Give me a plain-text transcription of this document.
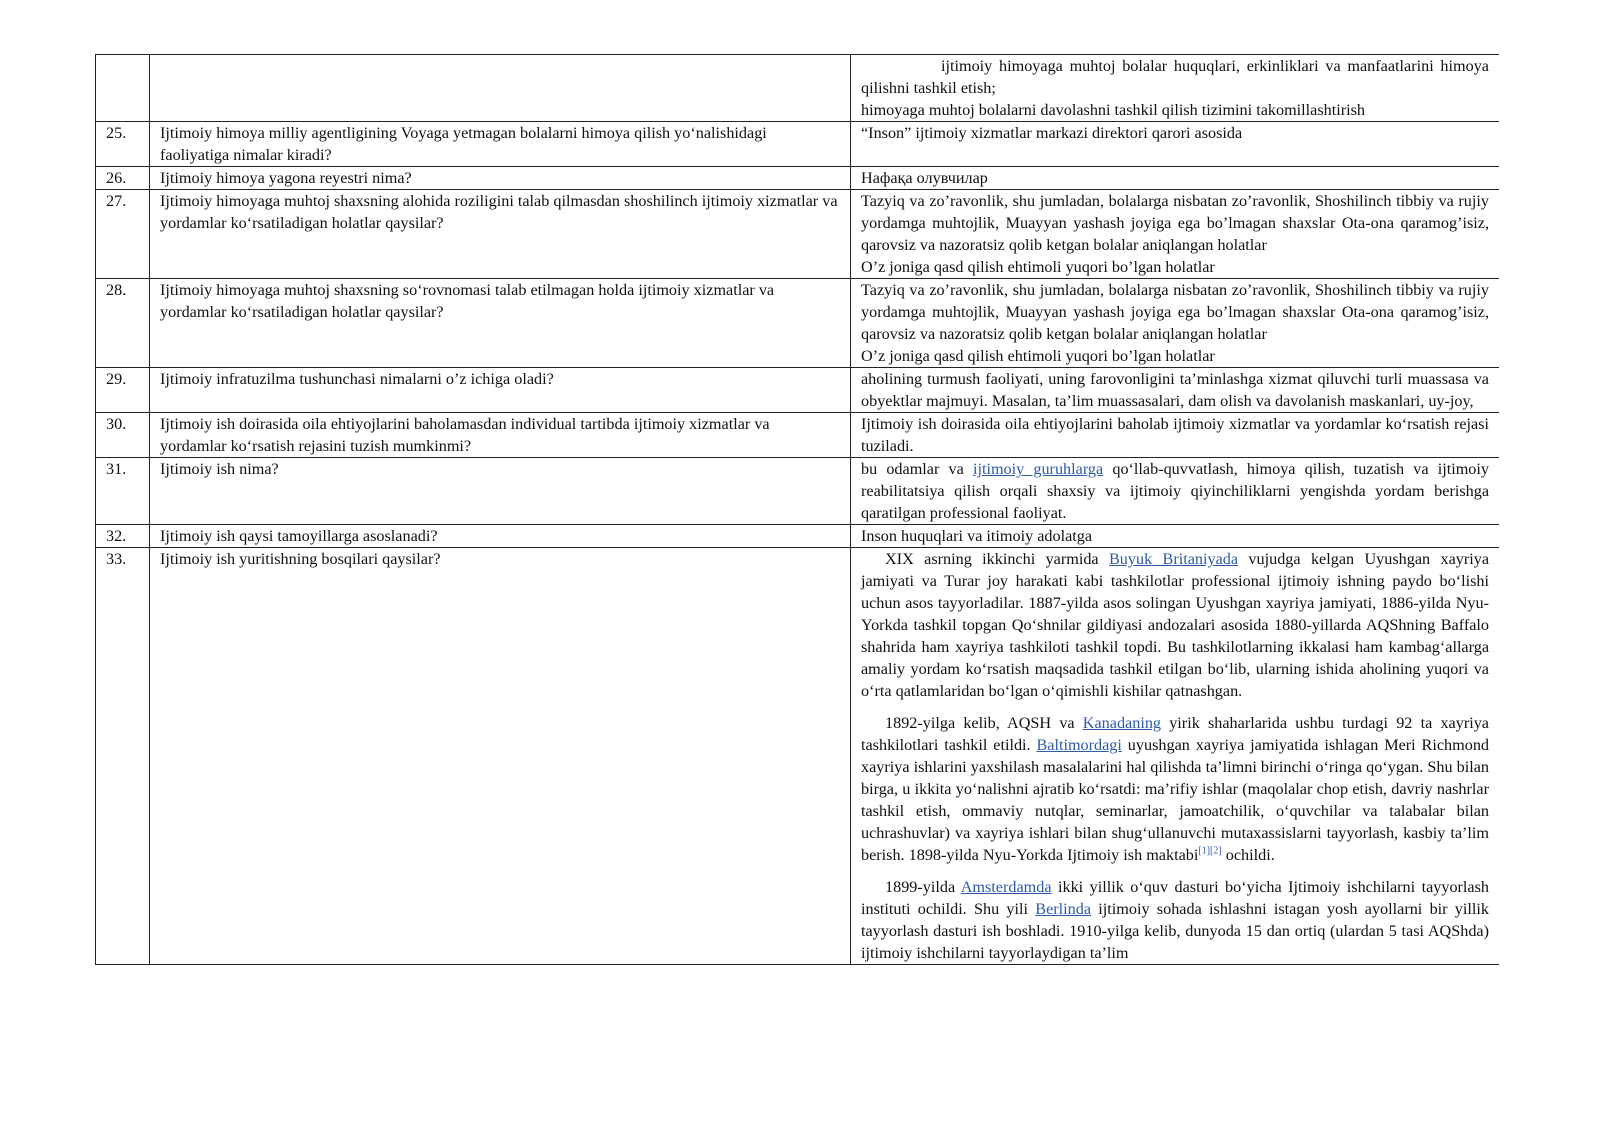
		ijtimoiy himoyaga muhtoj bolalar huquqlari, erkinliklari va manfaatlarini himoya qilishni tashkil etish;
himoyaga muhtoj bolalarni davolashni tashkil qilish tizimini takomillashtirish

25.	Ijtimoiy himoya milliy agentligining Voyaga yetmagan bolalarni himoya qilish yo‘nalishidagi faoliyatiga nimalar kiradi?	“Inson” ijtimoiy xizmatlar markazi direktori qarori asosida
26.	Ijtimoiy himoya yagona reyestri nima?	Нафақа олувчилар
27.	Ijtimoiy himoyaga muhtoj shaxsning alohida roziligini talab qilmasdan shoshilinch ijtimoiy xizmatlar va yordamlar ko‘rsatiladigan holatlar qaysilar?	Tazyiq va zo’ravonlik, shu jumladan, bolalarga nisbatan zo’ravonlik, Shoshilinch tibbiy va rujiy yordamga muhtojlik, Muayyan yashash joyiga ega bo’lmagan shaxslar Ota-ona qaramog’isiz, qarovsiz va nazoratsiz qolib ketgan bolalar aniqlangan holatlar
O’z joniga qasd qilish ehtimoli yuqori bo’lgan holatlar

28.	Ijtimoiy himoyaga muhtoj shaxsning so‘rovnomasi talab etilmagan holda ijtimoiy xizmatlar va yordamlar ko‘rsatiladigan holatlar qaysilar?	Tazyiq va zo’ravonlik, shu jumladan, bolalarga nisbatan zo’ravonlik, Shoshilinch tibbiy va rujiy yordamga muhtojlik, Muayyan yashash joyiga ega bo’lmagan shaxslar Ota-ona qaramog’isiz, qarovsiz va nazoratsiz qolib ketgan bolalar aniqlangan holatlar
O’z joniga qasd qilish ehtimoli yuqori bo’lgan holatlar

29.	Ijtimoiy infratuzilma tushunchasi nimalarni o’z ichiga oladi?	aholining turmush faoliyati, uning farovonligini ta’minlashga xizmat qiluvchi turli muassasa va obyektlar majmuyi. Masalan, ta’lim muassasalari, dam olish va davolanish maskanlari, uy-joy,
30.	Ijtimoiy ish doirasida oila ehtiyojlarini baholamasdan individual tartibda ijtimoiy xizmatlar va yordamlar ko‘rsatish rejasini tuzish mumkinmi?	Ijtimoiy ish doirasida oila ehtiyojlarini baholab ijtimoiy xizmatlar va yordamlar ko‘rsatish rejasi tuziladi.
31.	Ijtimoiy ish nima?	bu odamlar va ijtimoiy guruhlarga qo‘llab-quvvatlash, himoya qilish, tuzatish va ijtimoiy reabilitatsiya qilish orqali shaxsiy va ijtimoiy qiyinchiliklarni yengishda yordam berishga qaratilgan professional faoliyat.
32.	Ijtimoiy ish qaysi tamoyillarga asoslanadi?	Inson huquqlari va itimoiy adolatga
33.	Ijtimoiy ish yuritishning bosqilari qaysilar?	XIX asrning ikkinchi yarmida Buyuk Britaniyada vujudga kelgan Uyushgan xayriya jamiyati va Turar joy harakati kabi tashkilotlar professional ijtimoiy ishning paydo bo‘lishi uchun asos tayyorladilar. 1887-yilda asos solingan Uyushgan xayriya jamiyati, 1886-yilda Nyu-Yorkda tashkil topgan Qo‘shnilar gildiyasi andozalari asosida 1880-yillarda AQShning Baffalo shahrida ham xayriya tashkiloti tashkil topdi. Bu tashkilotlarning ikkalasi ham kambag‘allarga amaliy yordam ko‘rsatish maqsadida tashkil etilgan bo‘lib, ularning ishida aholining yuqori va o‘rta qatlamlaridan bo‘lgan o‘qimishli kishilar qatnashgan.
1892-yilga kelib, AQSH va Kanadaning yirik shaharlarida ushbu turdagi 92 ta xayriya tashkilotlari tashkil etildi. Baltimordagi uyushgan xayriya jamiyatida ishlagan Meri Richmond xayriya ishlarini yaxshilash masalalarini hal qilishda ta’limni birinchi o‘ringa qo‘ygan. Shu bilan birga, u ikkita yo‘nalishni ajratib ko‘rsatdi: ma’rifiy ishlar (maqolalar chop etish, davriy nashrlar tashkil etish, ommaviy nutqlar, seminarlar, jamoatchilik, o‘quvchilar va talabalar bilan uchrashuvlar) va xayriya ishlari bilan shug‘ullanuvchi mutaxassislarni tayyorlash, kasbiy ta’lim berish. 1898-yilda Nyu-Yorkda Ijtimoiy ish maktabi[1][2] ochildi.
1899-yilda Amsterdamda ikki yillik o‘quv dasturi bo‘yicha Ijtimoiy ishchilarni tayyorlash instituti ochildi. Shu yili Berlinda ijtimoiy sohada ishlashni istagan yosh ayollarni bir yillik tayyorlash dasturi ish boshladi. 1910-yilga kelib, dunyoda 15 dan ortiq (ulardan 5 tasi AQShda) ijtimoiy ishchilarni tayyorlaydigan ta’lim
